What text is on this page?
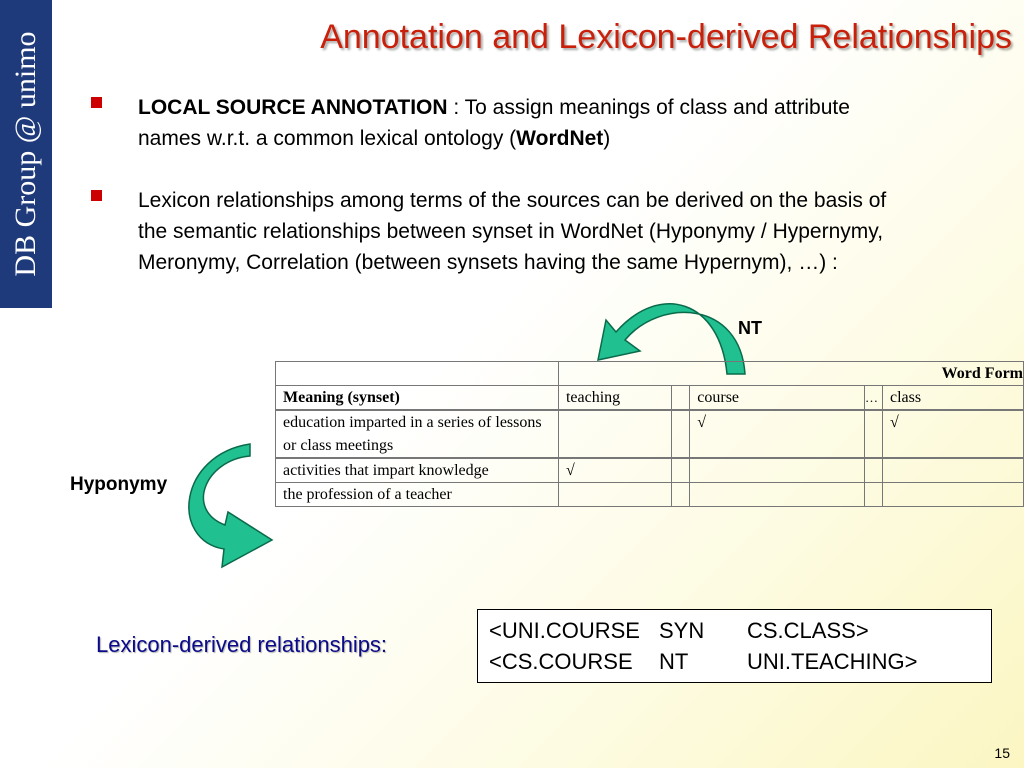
DB Group @ unimo	Annotation and Lexicon-derived Relationships
LOCAL SOURCE ANNOTATION : To assign meanings of class and attribute names w.r.t. a common lexical ontology (WordNet)
Lexicon relationships among terms of the sources can be derived on the basis of the semantic relationships between synset in WordNet (Hyponymy / Hypernymy, Meronymy, Correlation (between synsets having the same Hypernym), …) :
NT
Hyponymy
	Word Form				
Meaning (synset)	teaching		course	…	class

education imparted in a series of lessons or class meetings			√		√

activities that impart knowledge	√				
the profession of a teacher					
Lexicon-derived relationships:
<UNI.COURSE SYN CS.CLASS>
<CS.COURSE NT	UNI.TEACHING>
15
